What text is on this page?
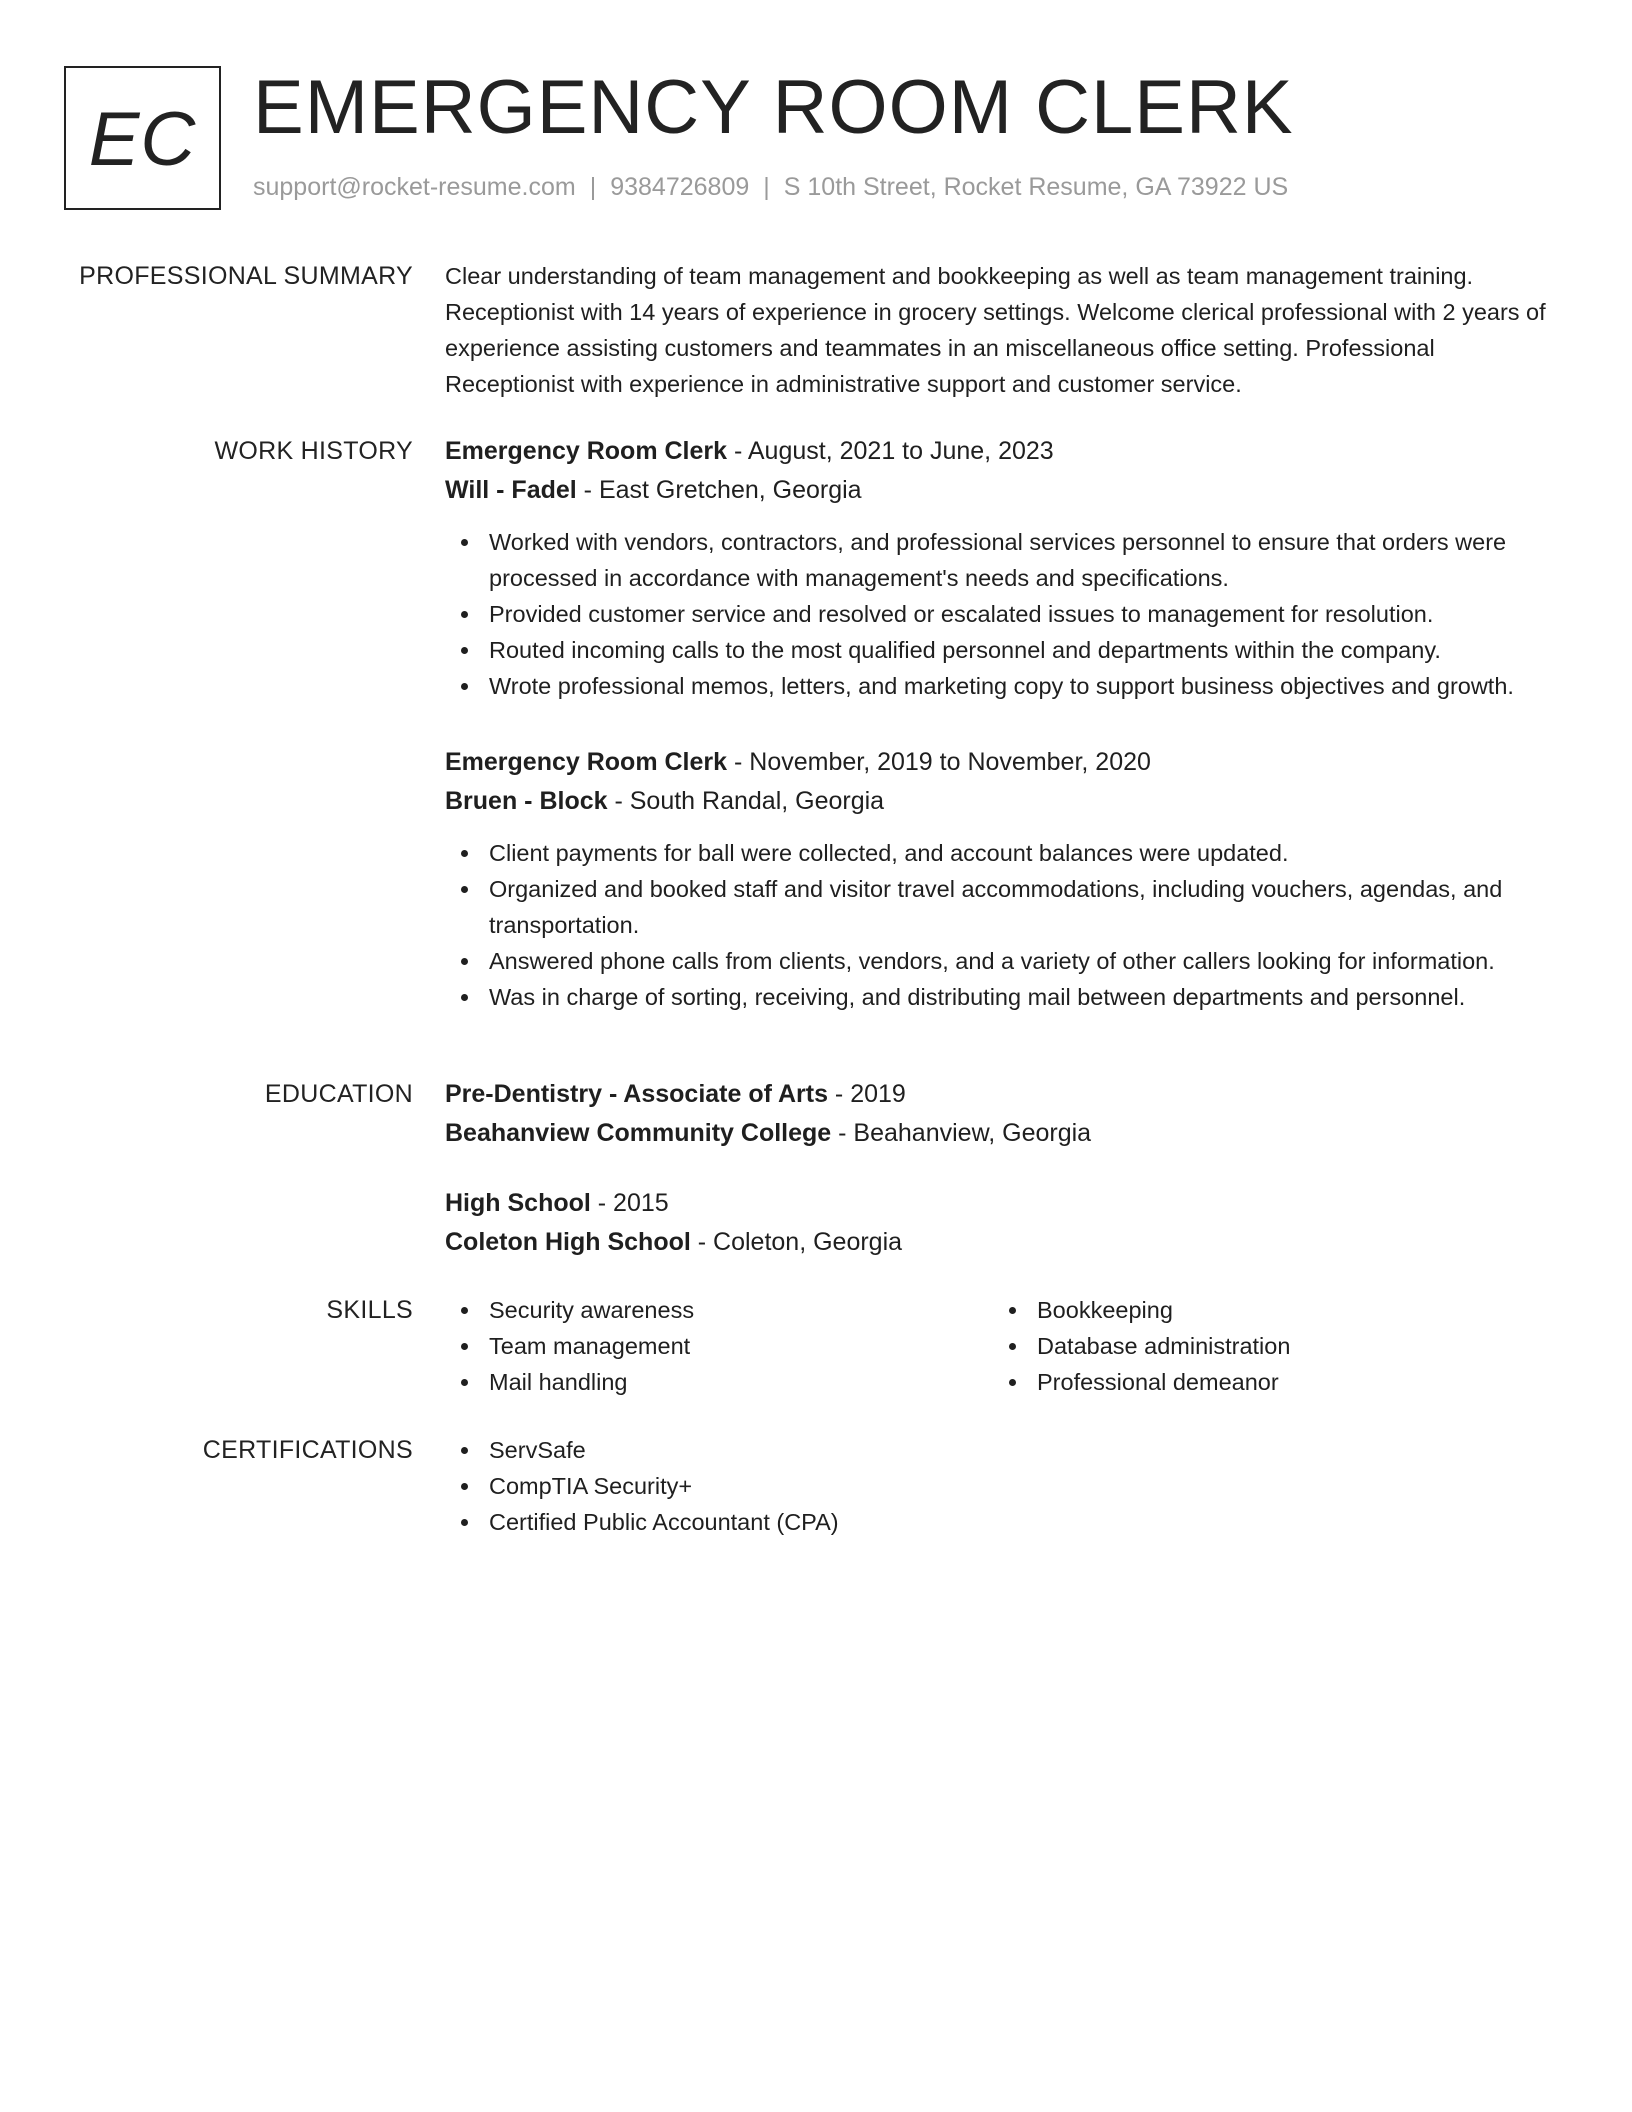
EC EMERGENCY ROOM CLERK
support@rocket-resume.com | 9384726809 | S 10th Street, Rocket Resume, GA 73922 US
PROFESSIONAL SUMMARY Clear understanding of team management and bookkeeping as well as team management training. Receptionist with 14 years of experience in grocery settings. Welcome clerical professional with 2 years of experience assisting customers and teammates in an miscellaneous office setting. Professional Receptionist with experience in administrative support and customer service.

WORK HISTORY Emergency Room Clerk - August, 2021 to June, 2023
Will - Fadel - East Gretchen, Georgia
Worked with vendors, contractors, and professional services personnel to ensure that orders were processed in accordance with management's needs and specifications.
Provided customer service and resolved or escalated issues to management for resolution.
Routed incoming calls to the most qualified personnel and departments within the company.
Wrote professional memos, letters, and marketing copy to support business objectives and growth.
Emergency Room Clerk - November, 2019 to November, 2020
Bruen - Block - South Randal, Georgia
Client payments for ball were collected, and account balances were updated.
Organized and booked staff and visitor travel accommodations, including vouchers, agendas, and transportation.
Answered phone calls from clients, vendors, and a variety of other callers looking for information.
Was in charge of sorting, receiving, and distributing mail between departments and personnel.
EDUCATION Pre-Dentistry - Associate of Arts - 2019
Beahanview Community College - Beahanview, Georgia
High School - 2015
Coleton High School - Coleton, Georgia
SKILLS	Security awareness
Team management
Mail handling
Bookkeeping
Database administration
Professional demeanor
CERTIFICATIONS	ServSafe
CompTIA Security+
Certified Public Accountant (CPA)
